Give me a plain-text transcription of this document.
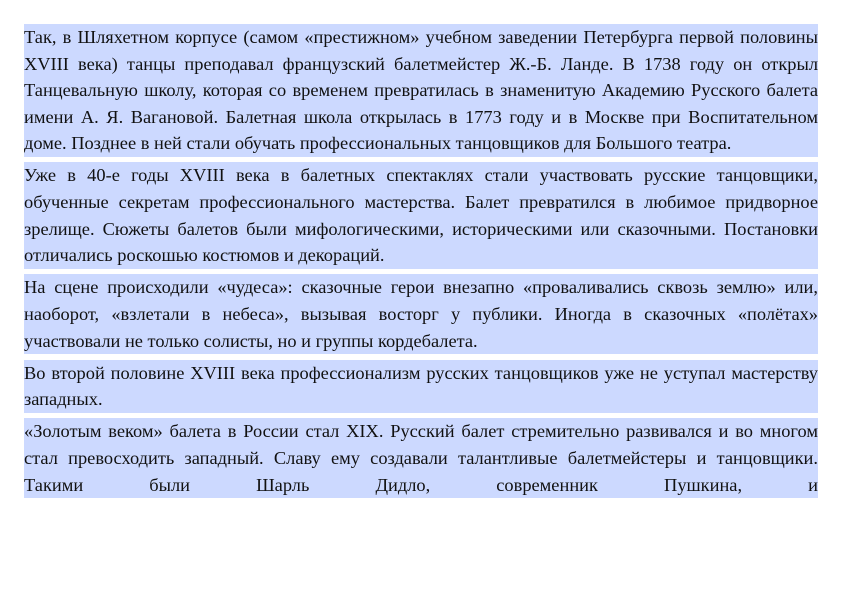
Так, в Шляхетном корпусе (самом «престижном» учебном заведении Петербурга первой половины XVIII века) танцы преподавал французский балетмейстер Ж.-Б. Ланде. В 1738 году он открыл Танцевальную школу, которая со временем превратилась в знаменитую Академию Русского балета имени А. Я. Вагановой. Балетная школа открылась в 1773 году и в Москве при Воспитательном доме. Позднее в ней стали обучать профессиональных танцовщиков для Большого театра.

Уже в 40-е годы XVIII века в балетных спектаклях стали участвовать русские танцовщики, обученные секретам профессионального мастерства. Балет превратился в любимое придворное зрелище. Сюжеты балетов были мифологическими, историческими или сказочными. Постановки отличались роскошью костюмов и декораций.

На сцене происходили «чудеса»: сказочные герои внезапно «проваливались сквозь землю» или, наоборот, «взлетали в небеса», вызывая восторг у публики. Иногда в сказочных «полётах» участвовали не только солисты, но и группы кордебалета.

Во второй половине XVIII века профессионализм русских танцовщиков уже не уступал мастерству западных.

«Золотым веком» балета в России стал XIX. Русский балет стремительно развивался и во многом стал превосходить западный. Славу ему создавали талантливые балетмейстеры и танцовщики. Такими были Шарль Дидло, современник Пушкина, и
